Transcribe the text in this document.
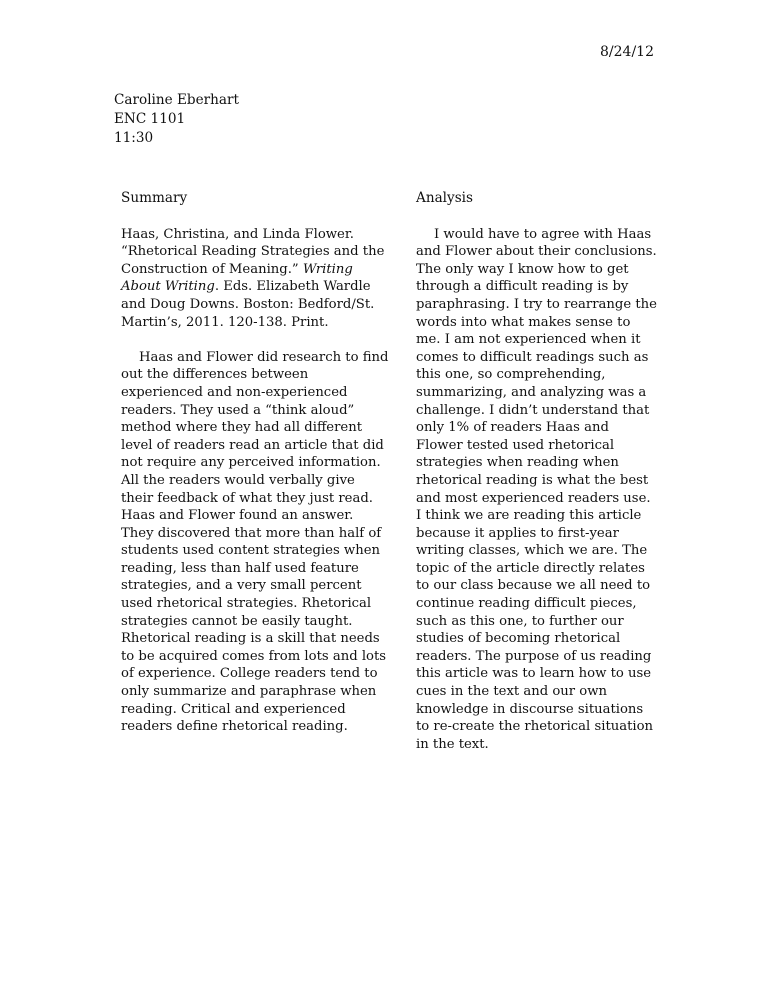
8/24/12
Caroline Eberhart
ENC 1101
11:30
Summary
Haas, Christina, and Linda Flower.
“Rhetorical Reading Strategies and the
Construction of Meaning.” Writing
About Writing. Eds. Elizabeth Wardle
and Doug Downs. Boston: Bedford/St.
Martin’s, 2011. 120-138. Print.
Haas and Flower did research to find
out the differences between
experienced and non-experienced
readers. They used a “think aloud”
method where they had all different
level of readers read an article that did
not require any perceived information.
All the readers would verbally give
their feedback of what they just read.
Haas and Flower found an answer.
They discovered that more than half of
students used content strategies when
reading, less than half used feature
strategies, and a very small percent
used rhetorical strategies. Rhetorical
strategies cannot be easily taught.
Rhetorical reading is a skill that needs
to be acquired comes from lots and lots
of experience. College readers tend to
only summarize and paraphrase when
reading. Critical and experienced
readers define rhetorical reading.
Analysis
I would have to agree with Haas
and Flower about their conclusions.
The only way I know how to get
through a difficult reading is by
paraphrasing. I try to rearrange the
words into what makes sense to
me. I am not experienced when it
comes to difficult readings such as
this one, so comprehending,
summarizing, and analyzing was a
challenge. I didn’t understand that
only 1% of readers Haas and
Flower tested used rhetorical
strategies when reading when
rhetorical reading is what the best
and most experienced readers use.
I think we are reading this article
because it applies to first-year
writing classes, which we are. The
topic of the article directly relates
to our class because we all need to
continue reading difficult pieces,
such as this one, to further our
studies of becoming rhetorical
readers. The purpose of us reading
this article was to learn how to use
cues in the text and our own
knowledge in discourse situations
to re-create the rhetorical situation
in the text.
